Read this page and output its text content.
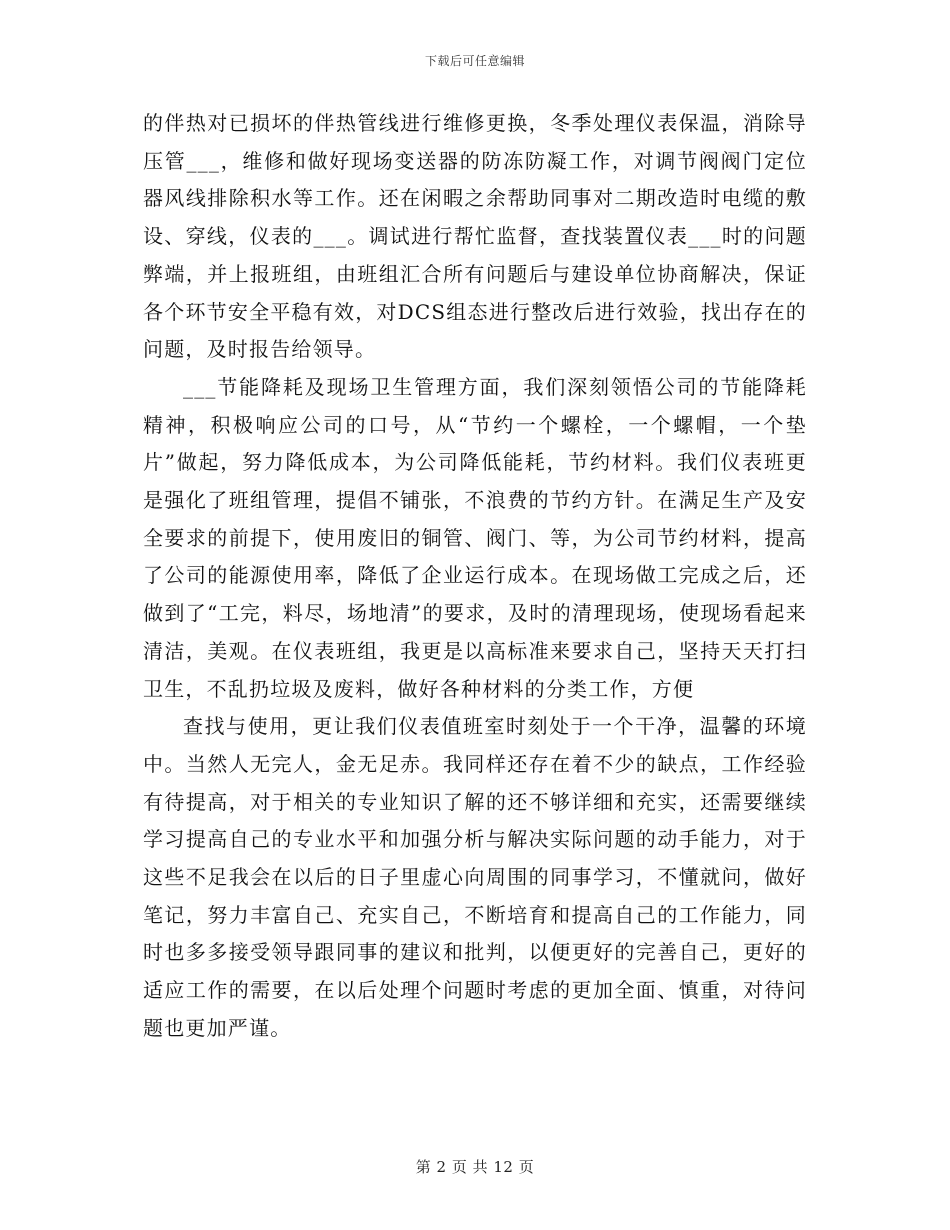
下载后可任意编辑

的伴热对已损坏的伴热管线进行维修更换，冬季处理仪表保温，消除导压管___，维修和做好现场变送器的防冻防凝工作，对调节阀阀门定位器风线排除积水等工作。还在闲暇之余帮助同事对二期改造时电缆的敷设、穿线，仪表的___。调试进行帮忙监督，查找装置仪表___时的问题弊端，并上报班组，由班组汇合所有问题后与建设单位协商解决，保证各个环节安全平稳有效，对DCS组态进行整改后进行效验，找出存在的问题，及时报告给领导。

___节能降耗及现场卫生管理方面，我们深刻领悟公司的节能降耗精神，积极响应公司的口号，从“节约一个螺栓，一个螺帽，一个垫片”做起，努力降低成本，为公司降低能耗，节约材料。我们仪表班更是强化了班组管理，提倡不铺张，不浪费的节约方针。在满足生产及安全要求的前提下，使用废旧的铜管、阀门、等，为公司节约材料，提高了公司的能源使用率，降低了企业运行成本。在现场做工完成之后，还做到了“工完，料尽，场地清”的要求，及时的清理现场，使现场看起来清洁，美观。在仪表班组，我更是以高标准来要求自己，坚持天天打扫卫生，不乱扔垃圾及废料，做好各种材料的分类工作，方便

查找与使用，更让我们仪表值班室时刻处于一个干净，温馨的环境中。当然人无完人，金无足赤。我同样还存在着不少的缺点，工作经验有待提高，对于相关的专业知识了解的还不够详细和充实，还需要继续学习提高自己的专业水平和加强分析与解决实际问题的动手能力，对于这些不足我会在以后的日子里虚心向周围的同事学习，不懂就问，做好笔记，努力丰富自己、充实自己，不断培育和提高自己的工作能力，同时也多多接受领导跟同事的建议和批判，以便更好的完善自己，更好的适应工作的需要，在以后处理个问题时考虑的更加全面、慎重，对待问题也更加严谨。

第 2 页 共 12 页
